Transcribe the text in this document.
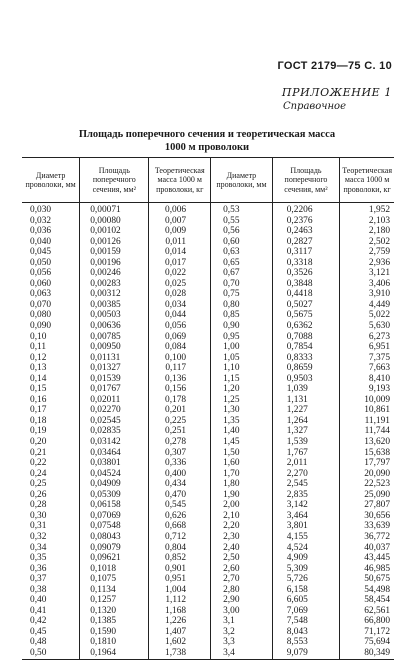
ГОСТ 2179—75 С. 10
ПРИЛОЖЕНИЕ 1
Справочное
Площадь поперечного сечения и теоретическая масса
1000 м проволоки
Диаметр проволоки, мм	Площадь поперечного сечения, мм²	Теоретическая масса 1000 м проволоки, кг	Диаметр проволоки, мм	Площадь поперечного сечения, мм²	Теоретическая масса 1000 м проволоки, кг
0,030	0,00071	0,006	0,53	0,2206	1,952
0,032	0,00080	0,007	0,55	0,2376	2,103
0,036	0,00102	0,009	0,56	0,2463	2,180
0,040	0,00126	0,011	0,60	0,2827	2,502
0,045	0,00159	0,014	0,63	0,3117	2,759
0,050	0,00196	0,017	0,65	0,3318	2,936
0,056	0,00246	0,022	0,67	0,3526	3,121
0,060	0,00283	0,025	0,70	0,3848	3,406
0,063	0,00312	0,028	0,75	0,4418	3,910
0,070	0,00385	0,034	0,80	0,5027	4,449
0,080	0,00503	0,044	0,85	0,5675	5,022
0,090	0,00636	0,056	0,90	0,6362	5,630
0,10	0,00785	0,069	0,95	0,7088	6,273
0,11	0,00950	0,084	1,00	0,7854	6,951
0,12	0,01131	0,100	1,05	0,8333	7,375
0,13	0,01327	0,117	1,10	0,8659	7,663
0,14	0,01539	0,136	1,15	0,9503	8,410
0,15	0,01767	0,156	1,20	1,039	9,193
0,16	0,02011	0,178	1,25	1,131	10,009
0,17	0,02270	0,201	1,30	1,227	10,861
0,18	0,02545	0,225	1,35	1,264	11,191
0,19	0,02835	0,251	1,40	1,327	11,744
0,20	0,03142	0,278	1,45	1,539	13,620
0,21	0,03464	0,307	1,50	1,767	15,638
0,22	0,03801	0,336	1,60	2,011	17,797
0,24	0,04524	0,400	1,70	2,270	20,090
0,25	0,04909	0,434	1,80	2,545	22,523
0,26	0,05309	0,470	1,90	2,835	25,090
0,28	0,06158	0,545	2,00	3,142	27,807
0,30	0,07069	0,626	2,10	3,464	30,656
0,31	0,07548	0,668	2,20	3,801	33,639
0,32	0,08043	0,712	2,30	4,155	36,772
0,34	0,09079	0,804	2,40	4,524	40,037
0,35	0,09621	0,852	2,50	4,909	43,445
0,36	0,1018	0,901	2,60	5,309	46,985
0,37	0,1075	0,951	2,70	5,726	50,675
0,38	0,1134	1,004	2,80	6,158	54,498
0,40	0,1257	1,112	2,90	6,605	58,454
0,41	0,1320	1,168	3,00	7,069	62,561
0,42	0,1385	1,226	3,1	7,548	66,800
0,45	0,1590	1,407	3,2	8,043	71,172
0,48	0,1810	1,602	3,3	8,553	75,694
0,50	0,1964	1,738	3,4	9,079	80,349
